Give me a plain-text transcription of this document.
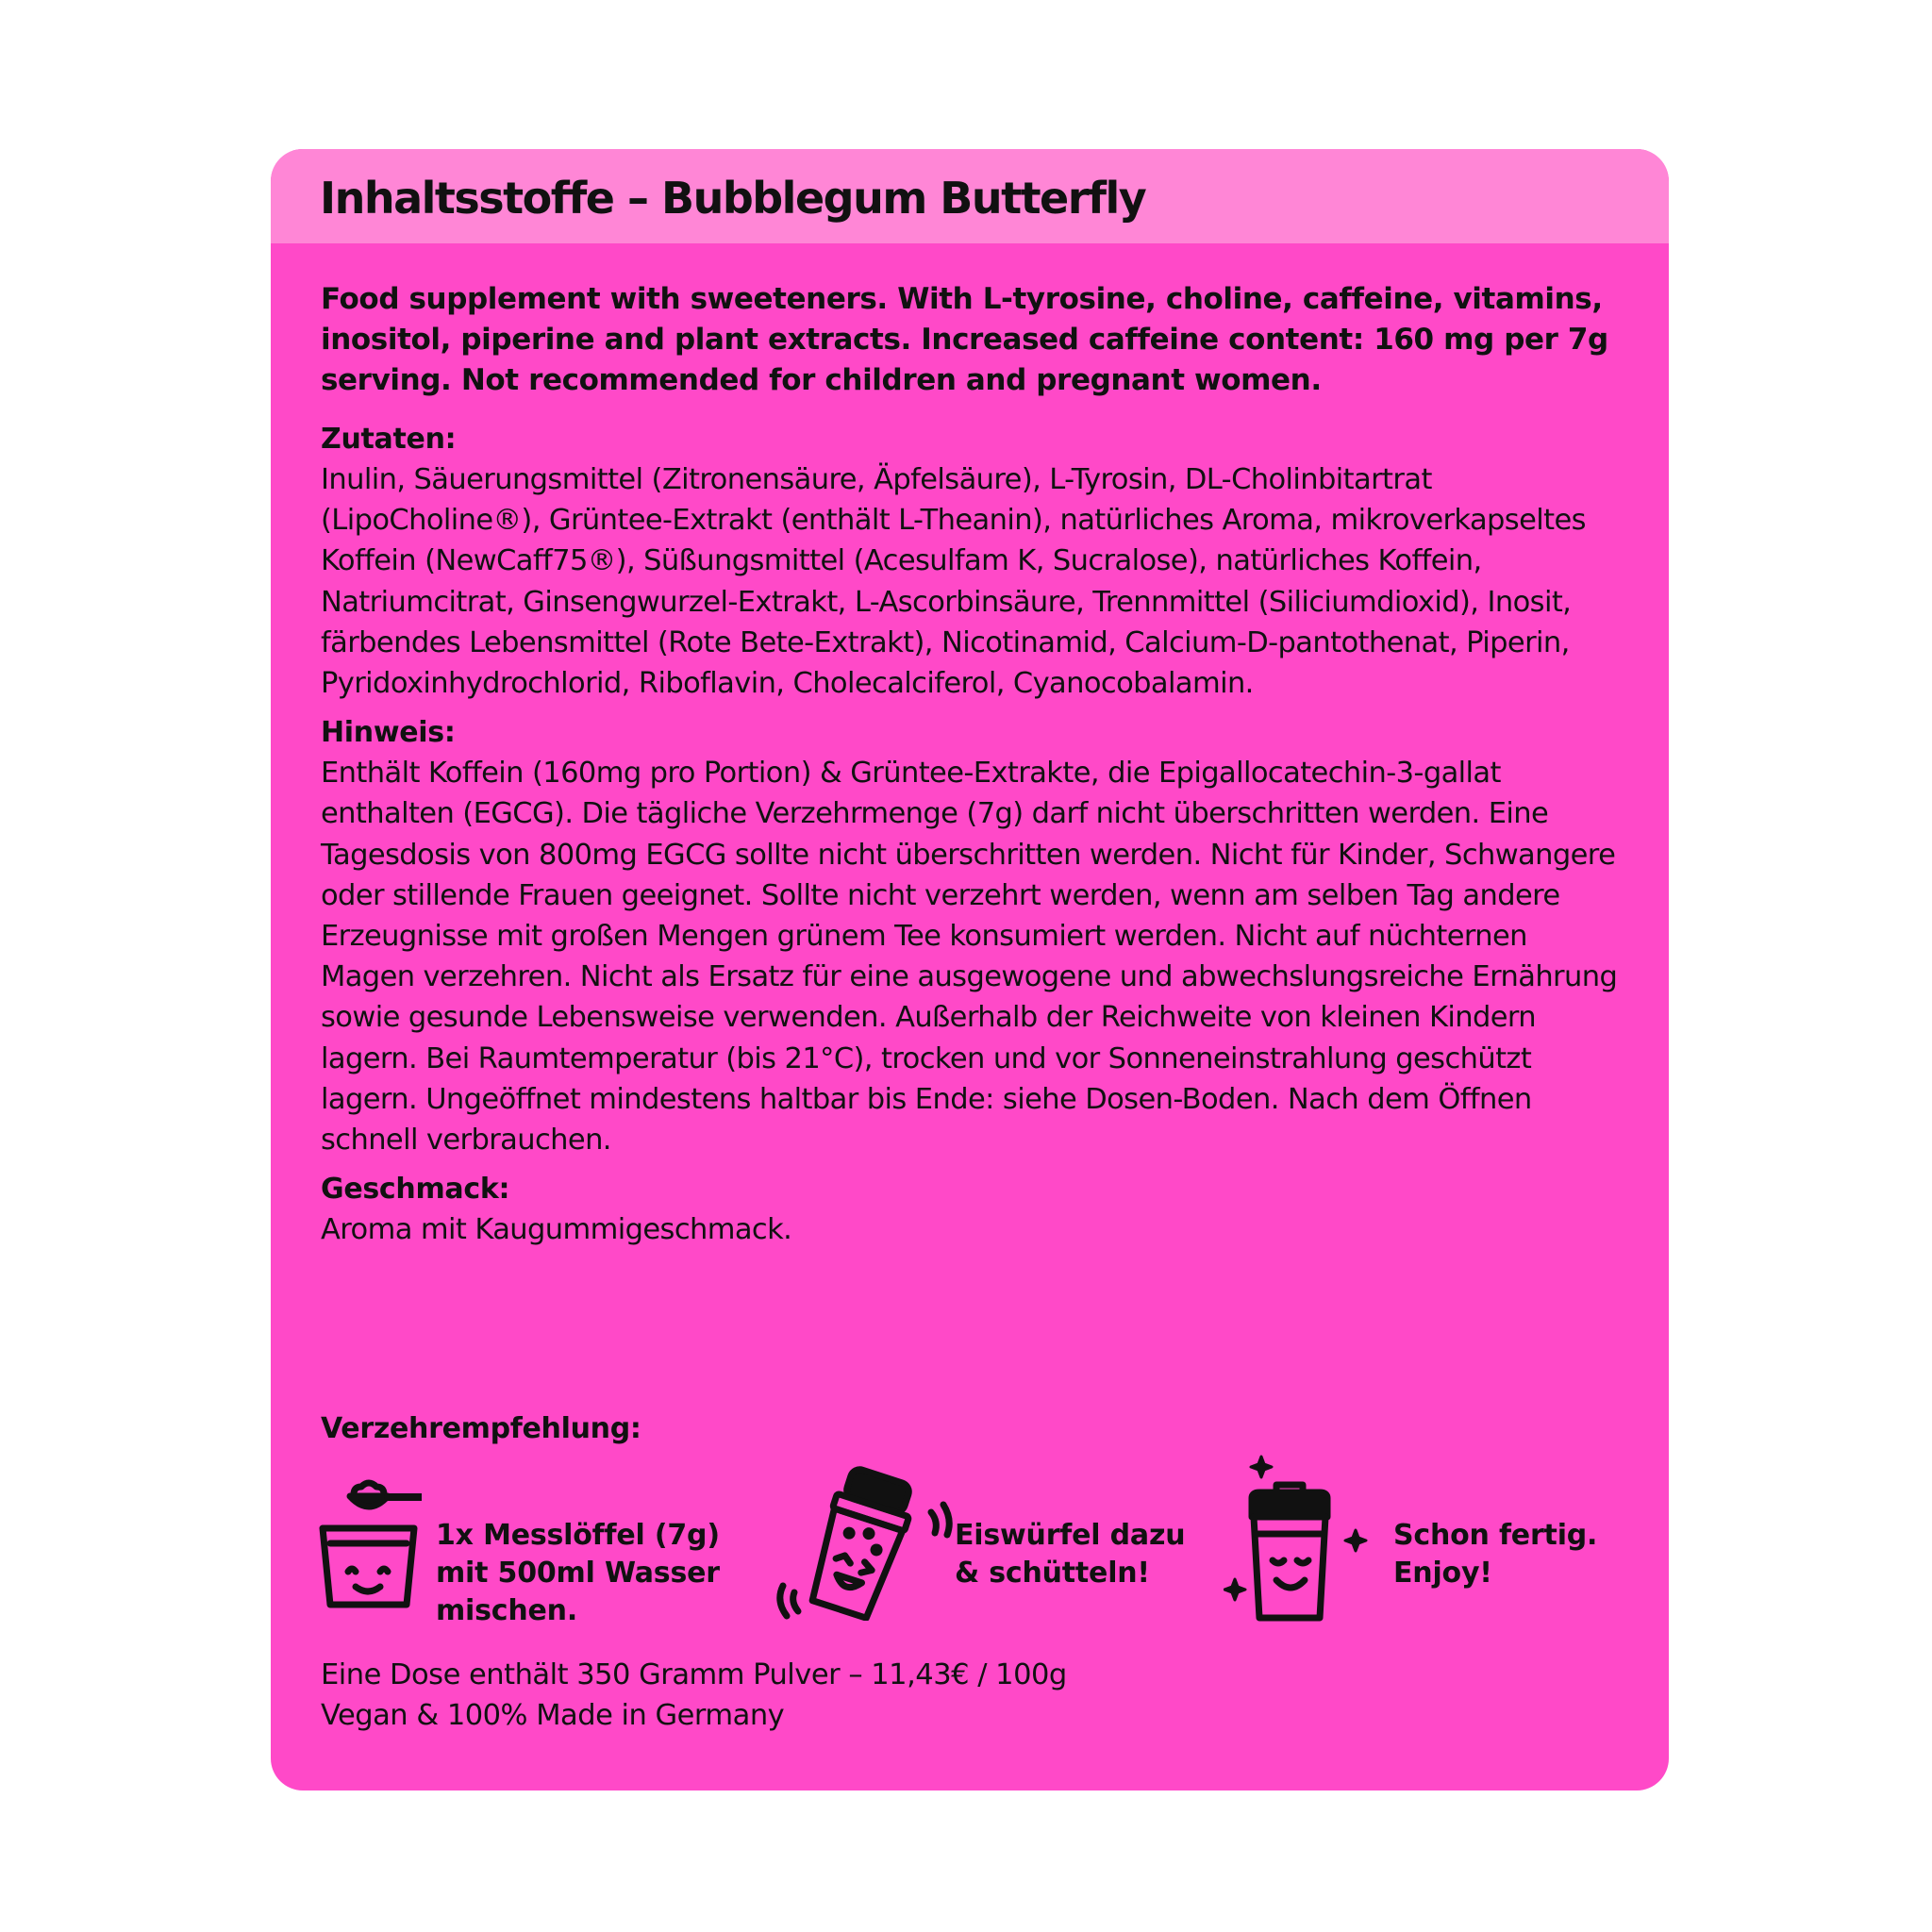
Inhaltsstoffe – Bubblegum Butterfly

Food supplement with sweeteners. With L-tyrosine, choline, caffeine, vitamins, inositol, piperine and plant extracts. Increased caffeine content: 160 mg per 7g serving. Not recommended for children and pregnant women.

Zutaten:

Inulin, Säuerungsmittel (Zitronensäure, Äpfelsäure), L-Tyrosin, DL-Cholinbitartrat (LipoCholine®), Grüntee-Extrakt (enthält L-Theanin), natürliches Aroma, mikroverkapseltes Koffein (NewCaff75®), Süßungsmittel (Acesulfam K, Sucralose), natürliches Koffein, Natriumcitrat, Ginsengwurzel-Extrakt, L-Ascorbinsäure, Trennmittel (Siliciumdioxid), Inosit, färbendes Lebensmittel (Rote Bete-Extrakt), Nicotinamid, Calcium-D-pantothenat, Piperin, Pyridoxinhydrochlorid, Riboflavin, Cholecalciferol, Cyanocobalamin.

Hinweis:

Enthält Koffein (160mg pro Portion) & Grüntee-Extrakte, die Epigallocatechin-3-gallat enthalten (EGCG). Die tägliche Verzehrmenge (7g) darf nicht überschritten werden. Eine Tagesdosis von 800mg EGCG sollte nicht überschritten werden. Nicht für Kinder, Schwangere oder stillende Frauen geeignet. Sollte nicht verzehrt werden, wenn am selben Tag andere Erzeugnisse mit großen Mengen grünem Tee konsumiert werden. Nicht auf nüchternen Magen verzehren. Nicht als Ersatz für eine ausgewogene und abwechslungsreiche Ernährung sowie gesunde Lebensweise verwenden. Außerhalb der Reichweite von kleinen Kindern lagern. Bei Raumtemperatur (bis 21°C), trocken und vor Sonneneinstrahlung geschützt lagern. Ungeöffnet mindestens haltbar bis Ende: siehe Dosen-Boden. Nach dem Öffnen schnell verbrauchen.

Geschmack:

Aroma mit Kaugummigeschmack.

Verzehrempfehlung:
1x Messlöffel (7g)
mit 500ml Wasser
mischen.
Eiswürfel dazu
& schütteln!
Schon fertig.
Enjoy!

Eine Dose enthält 350 Gramm Pulver – 11,43€ / 100g

Vegan & 100% Made in Germany
